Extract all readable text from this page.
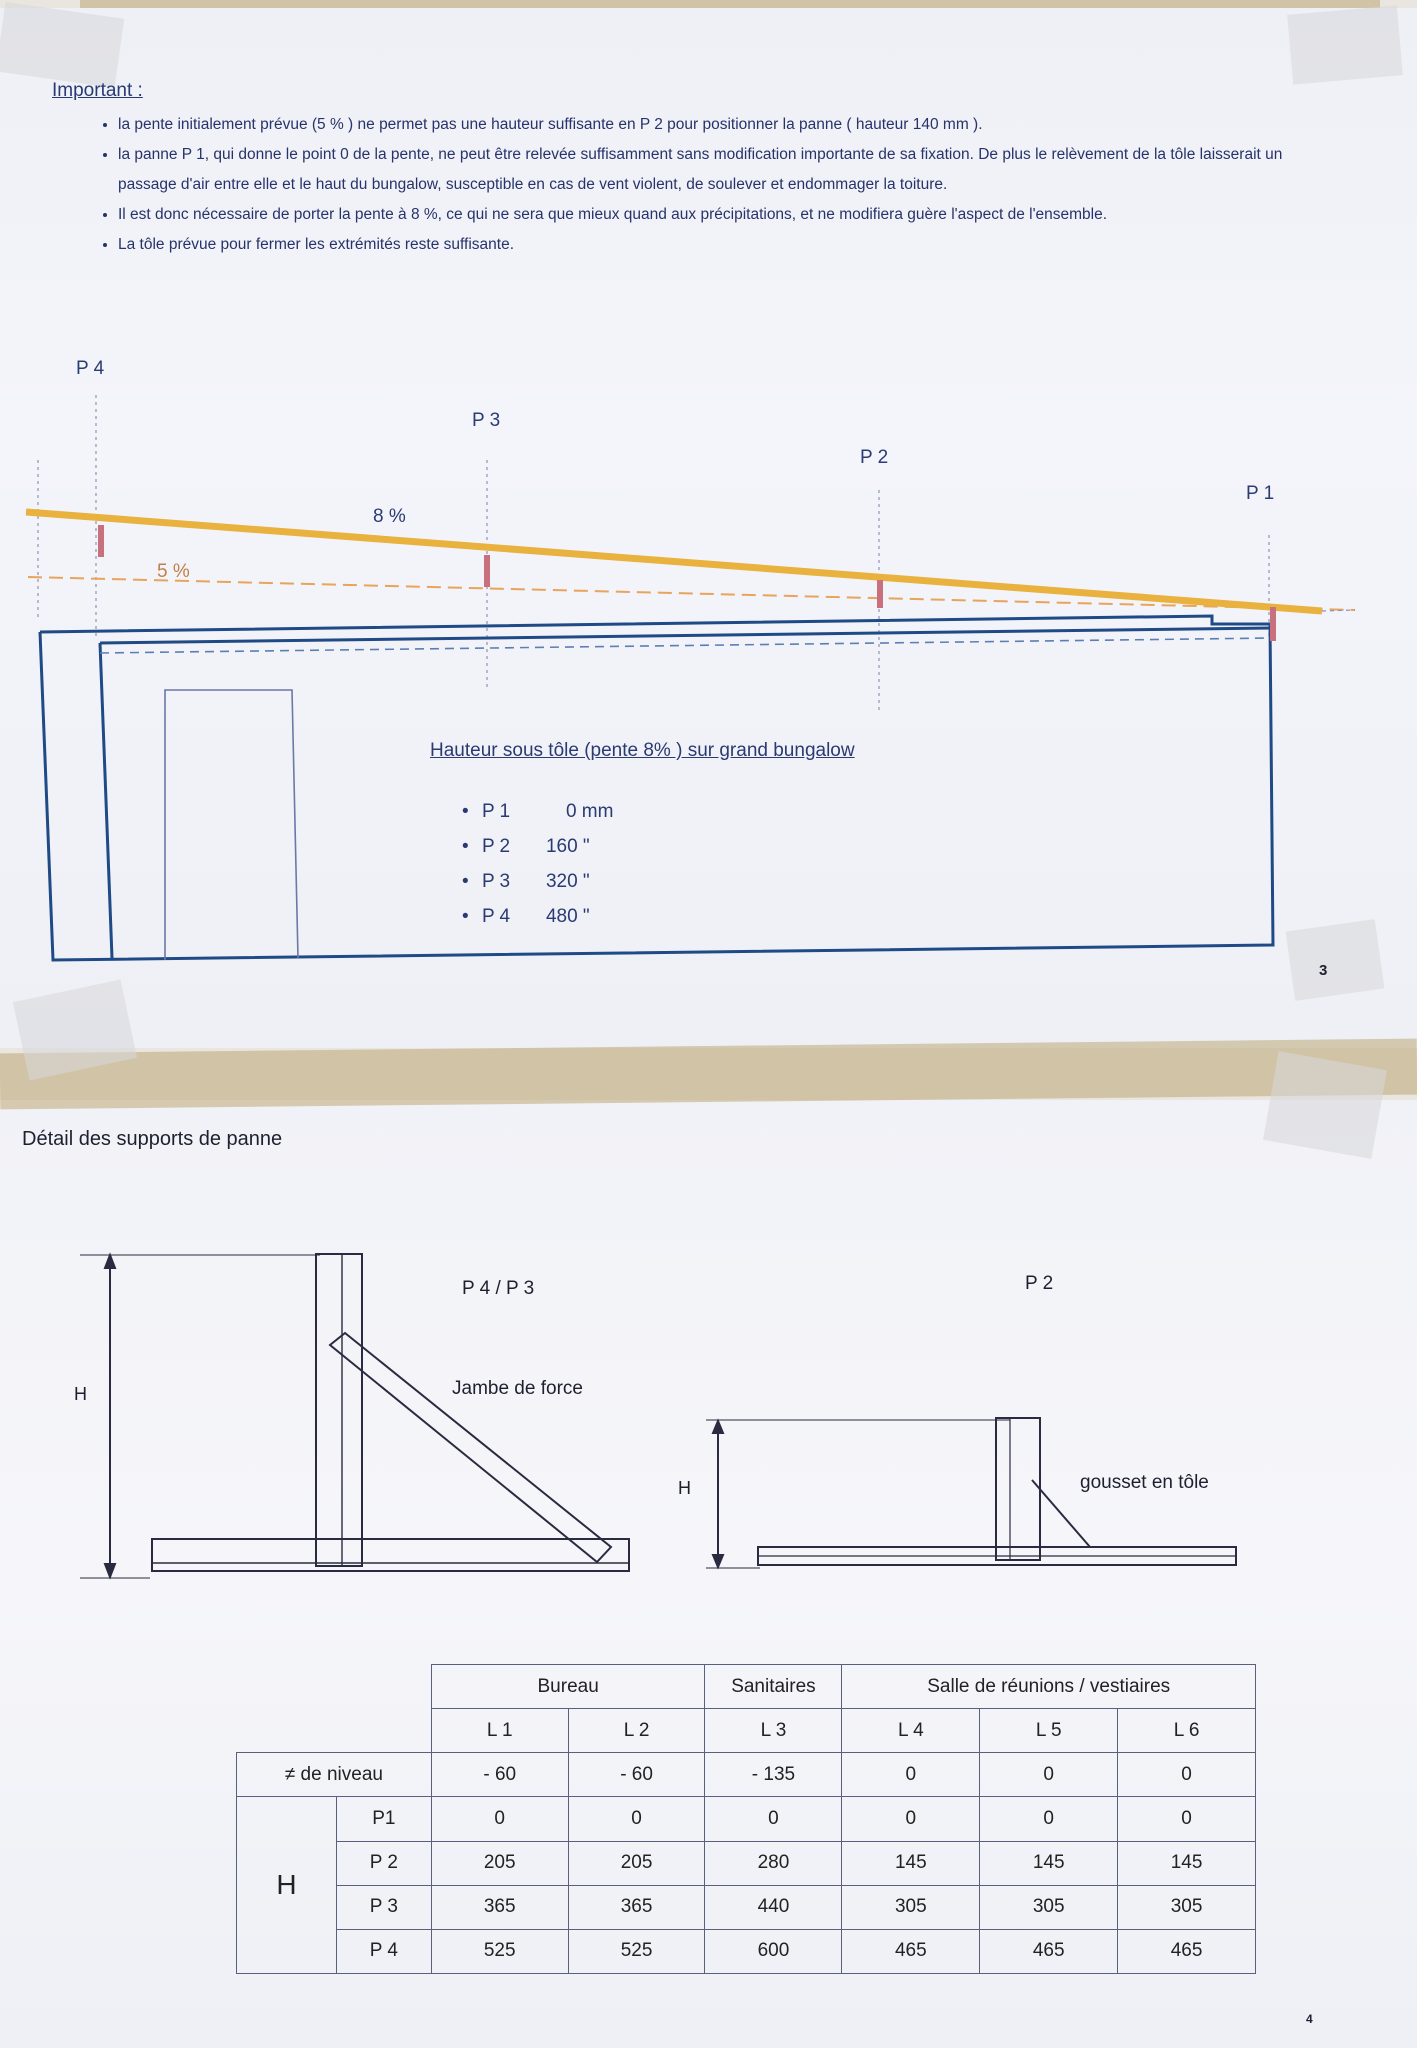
Important :
• la pente initialement prévue (5 % ) ne permet pas une hauteur suffisante en P 2 pour positionner la panne ( hauteur 140 mm ).
• la panne P 1, qui donne le point 0 de la pente, ne peut être relevée suffisamment sans modification importante de sa fixation. De plus le relèvement de la tôle laisserait un passage d'air entre elle et le haut du bungalow, susceptible en cas de vent violent, de soulever et endommager la toiture.
• Il est donc nécessaire de porter la pente à 8 %, ce qui ne sera que mieux quand aux précipitations, et ne modifiera guère l'aspect de l'ensemble.
• La tôle prévue pour fermer les extrémités reste suffisante.
P 4
P 3
P 2
P 1
8 %
5 %
Hauteur sous tôle (pente 8% ) sur grand bungalow
• P 1	0 mm
• P 2 160 "
• P 3 320 "
• P 4 480 "
3
Détail des supports de panne
P 4 / P 3
H	Jambe de force
P 2
H	gousset en tôle
		Bureau		Sanitaires	Salle de réunions / vestiaires		
		L 1	L 2	L 3	L 4	L 5	L 6
≠ de niveau		- 60	- 60	- 135	0	0	0
H	P1	0	0	0	0	0	0
	P 2	205	205	280	145	145	145
	P 3	365	365	440	305	305	305
	P 4	525	525	600	465	465	465
4
